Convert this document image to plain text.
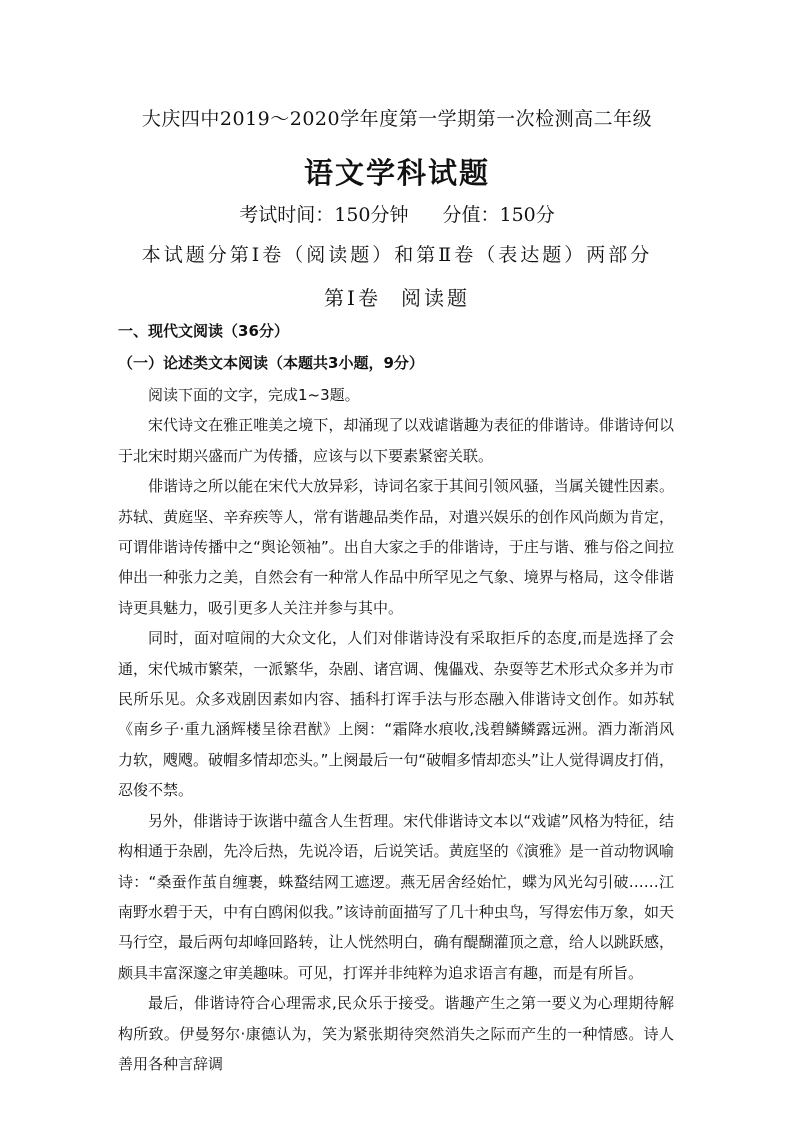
大庆四中2019～2020学年度第一学期第一次检测高二年级
语文学科试题
考试时间：150分钟 分值：150分
本试题分第Ⅰ卷（阅读题）和第Ⅱ卷（表达题）两部分
第Ⅰ卷 阅读题
一、现代文阅读（36分）
（一）论述类文本阅读（本题共3小题，9分）

阅读下面的文字，完成1~3题。

宋代诗文在雅正唯美之境下，却涌现了以戏谑谐趣为表征的俳谐诗。俳谐诗何以于北宋时期兴盛而广为传播，应该与以下要素紧密关联。

俳谐诗之所以能在宋代大放异彩，诗词名家于其间引领风骚，当属关键性因素。苏轼、黄庭坚、辛弃疾等人，常有谐趣品类作品，对遣兴娱乐的创作风尚颇为肯定，可谓俳谐诗传播中之“舆论领袖”。出自大家之手的俳谐诗，于庄与谐、雅与俗之间拉伸出一种张力之美，自然会有一种常人作品中所罕见之气象、境界与格局，这令俳谐诗更具魅力，吸引更多人关注并参与其中。

同时，面对喧闹的大众文化，人们对俳谐诗没有采取拒斥的态度,而是选择了会通，宋代城市繁荣，一派繁华，杂剧、诸宫调、傀儡戏、杂耍等艺术形式众多并为市民所乐见。众多戏剧因素如内容、插科打诨手法与形态融入俳谐诗文创作。如苏轼《南乡子·重九涵辉楼呈徐君猷》上阕：“霜降水痕收,浅碧鳞鳞露远洲。酒力渐消风力软，飕飕。破帽多情却恋头。”上阕最后一句“破帽多情却恋头”让人觉得调皮打俏，忍俊不禁。

另外，俳谐诗于诙谐中蕴含人生哲理。宋代俳谐诗文本以“戏谑”风格为特征，结构相通于杂剧，先冷后热，先说冷语，后说笑话。黄庭坚的《演雅》是一首动物讽喻诗：“桑蚕作茧自缠裹，蛛蝥结网工遮逻。燕无居舍经始忙，蝶为风光勾引破……江南野水碧于天，中有白鸥闲似我。”该诗前面描写了几十种虫鸟，写得宏伟万象，如天马行空，最后两句却峰回路转，让人恍然明白，确有醍醐灌顶之意，给人以跳跃感，颇具丰富深邃之审美趣味。可见，打诨并非纯粹为追求语言有趣，而是有所旨。

最后，俳谐诗符合心理需求,民众乐于接受。谐趣产生之第一要义为心理期待解构所致。伊曼努尔·康德认为，笑为紧张期待突然消失之际而产生的一种情感。诗人善用各种言辞调
